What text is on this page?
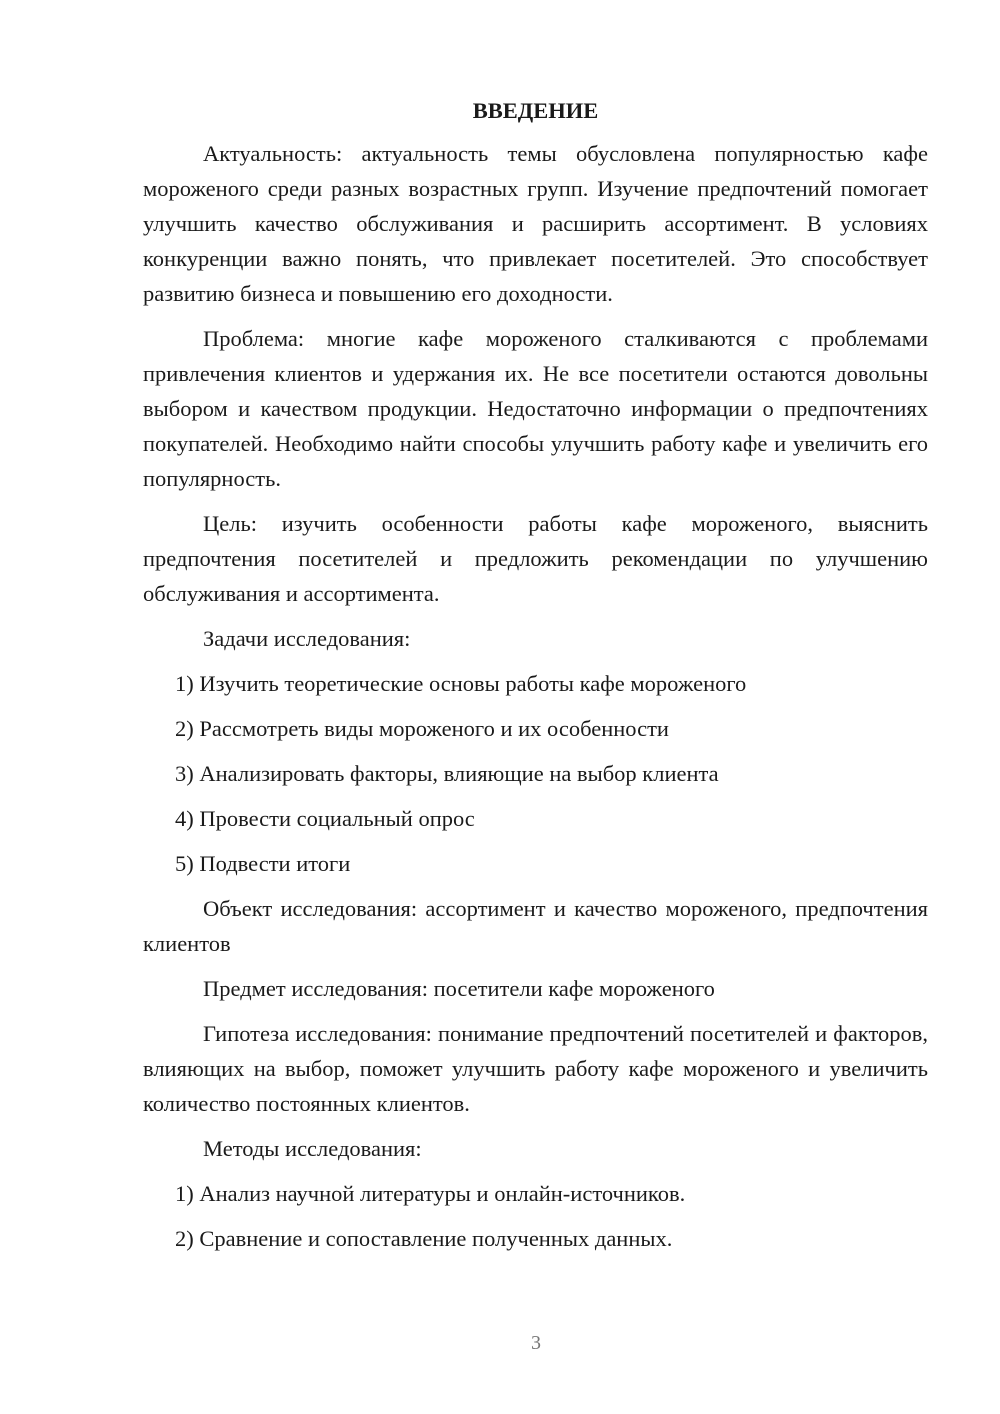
ВВЕДЕНИЕ

Актуальность: актуальность темы обусловлена популярностью кафе мороженого среди разных возрастных групп. Изучение предпочтений помогает улучшить качество обслуживания и расширить ассортимент. В условиях конкуренции важно понять, что привлекает посетителей. Это способствует развитию бизнеса и повышению его доходности.

Проблема: многие кафе мороженого сталкиваются с проблемами привлечения клиентов и удержания их. Не все посетители остаются довольны выбором и качеством продукции. Недостаточно информации о предпочтениях покупателей. Необходимо найти способы улучшить работу кафе и увеличить его популярность.

Цель: изучить особенности работы кафе мороженого, выяснить предпочтения посетителей и предложить рекомендации по улучшению обслуживания и ассортимента.

Задачи исследования:

1) Изучить теоретические основы работы кафе мороженого
2) Рассмотреть виды мороженого и их особенности
3) Анализировать факторы, влияющие на выбор клиента
4) Провести социальный опрос
5) Подвести итоги

Объект исследования: ассортимент и качество мороженого, предпочтения клиентов

Предмет исследования: посетители кафе мороженого

Гипотеза исследования: понимание предпочтений посетителей и факторов, влияющих на выбор, поможет улучшить работу кафе мороженого и увеличить количество постоянных клиентов.

Методы исследования:

1) Анализ научной литературы и онлайн-источников.
2) Сравнение и сопоставление полученных данных.
3
